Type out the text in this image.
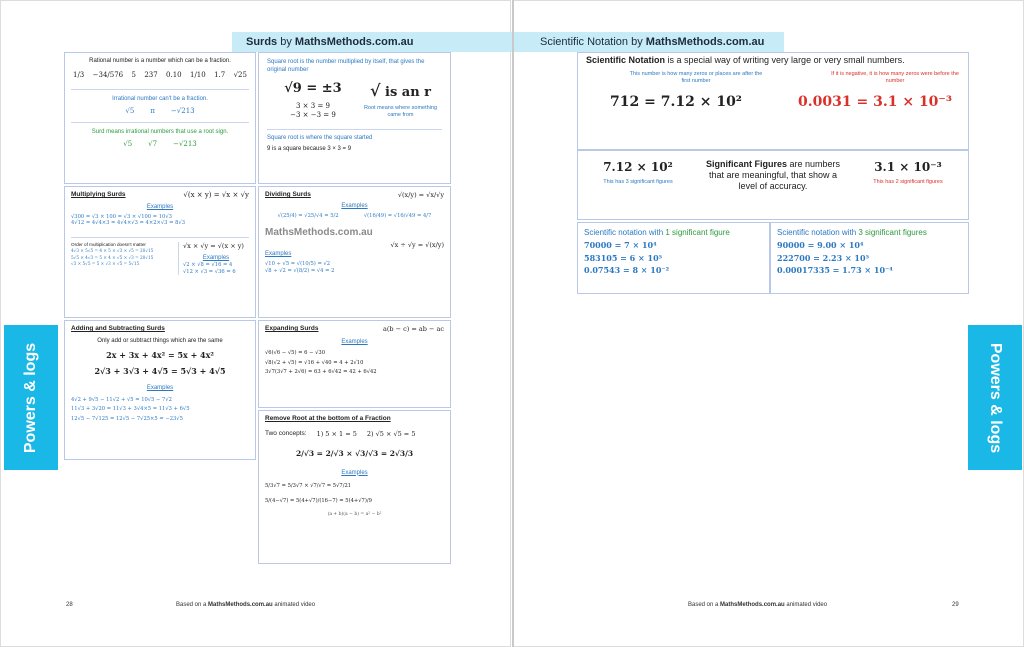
Surds by MathsMethods.com.au	Scientific Notation by MathsMethods.com.au
Powers & logs	Powers & logs
Rational number is a number which can be a fraction.
1/3 −34/576 5 237 0.10 1/10 1.7 √25
Irrational number can't be a fraction.
√5 π −√213
Surd means irrational numbers that use a root sign.
√5 √7 −√213
Square root is the number multiplied by itself, that gives the original number
√9 = ±3
3 × 3 = 9
−3 × −3 = 9
√ is an r
Root means where something came from
Square root is where the square started
9 is a square because 3 × 3 = 9
Multiplying Surds	√(x × y) = √x × √y
Examples
√300 = √3 × 100 = √3 × √100 = 10√3
4√12 = 4√4×3 = 4√4×√3 = 4×2×√3 = 8√3
Order of multiplication doesn't matter
4√3 × 5√5 = 4 × 5 × √3 × √5 = 20√15
5√5 × 4√3 = 5 × 4 × √5 × √3 = 20√15
√3 × 5√5 = 5 × √3 × √5 = 5√15
√x × √y = √(x × y)
Examples
√2 × √8 = √16 = 4
√12 × √3 = √36 = 6
Dividing Surds	√(x/y) = √x/√y
Examples
√(25/4) = √25/√4 = 5/2	√(16/49) = √16/√49 = 4/7
MathsMethods.com.au
√x ÷ √y = √(x/y)
Examples
√10 ÷ √5 = √(10/5) = √2
√8 ÷ √2 = √(8/2) = √4 = 2
Adding and Subtracting Surds
Only add or subtract things which are the same
2x + 3x + 4x² = 5x + 4x²
2√3 + 3√3 + 4√5 = 5√3 + 4√5
Examples
4√2 + 9√5 − 11√2 + √5 = 10√5 − 7√2
11√3 + 3√20 = 11√3 + 3√4×5 = 11√3 + 6√5
12√5 − 7√125 = 12√5 − 7√25×5 = −23√5
Expanding Surds	a(b − c) = ab − ac
Examples
√6(√6 − √5) = 6 − √30
√8(√2 + √5) = √16 + √40 = 4 + 2√10
3√7(3√7 + 2√6) = 63 + 6√42 = 42 + 6√42
Remove Root at the bottom of a Fraction
Two concepts: 1) 5 × 1 = 5 2) √5 × √5 = 5
2/√3 = 2/√3 × √3/√3 = 2√3/3
Examples
5/3√7 = 5/3√7 × √7/√7 = 5√7/21
5/(4−√7) = 5(4+√7)/(16−7) = 5(4+√7)/9
(a + b)(a − b) = a² − b²
Scientific Notation is a special way of writing very large or very small numbers.
This number is how many zeros or places are after the first number
712 = 7.12 × 10²
If it is negative, it is how many zeros were before the number
0.0031 = 3.1 × 10⁻³
7.12 × 10²
This has 3 significant figures
Significant Figures are numbers that are meaningful, that show a level of accuracy.
3.1 × 10⁻³
This has 2 significant figures
Scientific notation with 1 significant figure
70000 = 7 × 10⁴
583105 = 6 × 10⁵
0.07543 = 8 × 10⁻²
Scientific notation with 3 significant figures
90000 = 9.00 × 10⁴
222700 = 2.23 × 10⁵
0.00017335 = 1.73 × 10⁻⁴
28	Based on a MathsMethods.com.au animated video	Based on a MathsMethods.com.au animated video	29
